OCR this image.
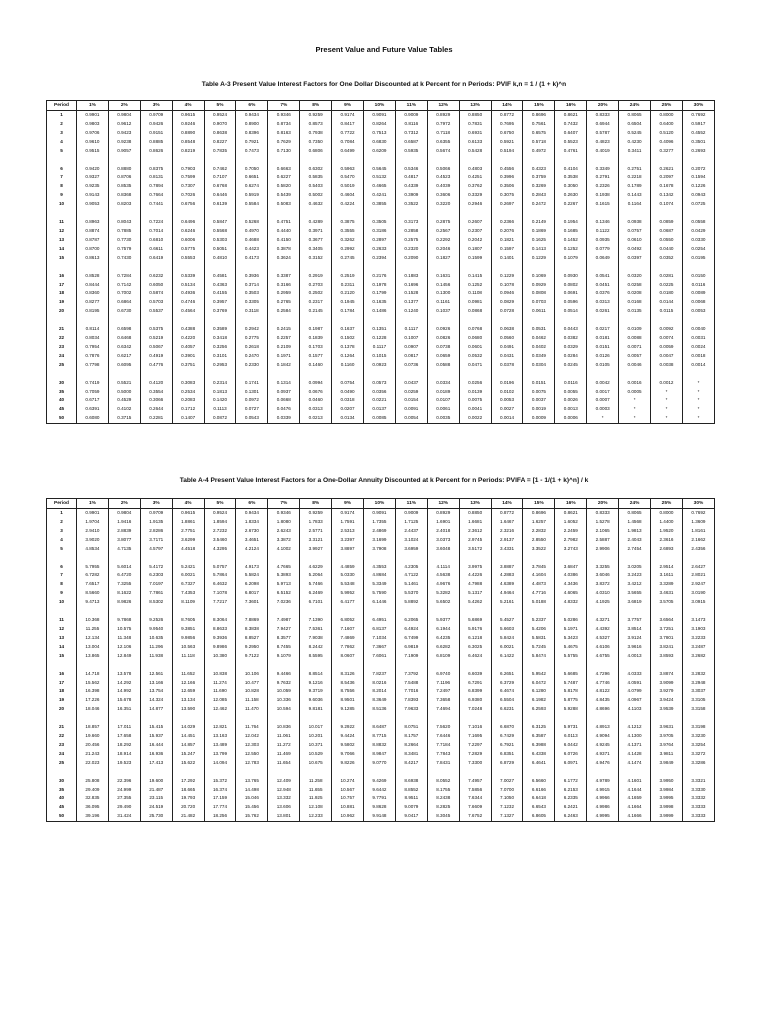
Present Value and Future Value Tables
Table A-3 Present Value Interest Factors for One Dollar Discounted at k Percent for n Periods: PVIF k,n = 1 / (1 + k)^n
Period	1%	2%	3%	4%	5%	6%	7%	8%	9%	10%	11%	12%	13%	14%	15%	16%	20%	24%	25%	30%
1	0.9901	0.9804	0.9709	0.9615	0.9524	0.9434	0.9346	0.9259	0.9174	0.9091	0.9009	0.8929	0.8850	0.8772	0.8696	0.8621	0.8333	0.8065	0.8000	0.7692
2	0.9803	0.9612	0.9426	0.9246	0.9070	0.8900	0.8734	0.8573	0.8417	0.8264	0.8116	0.7972	0.7831	0.7695	0.7561	0.7432	0.6944	0.6504	0.6400	0.5917
3	0.9706	0.9423	0.9151	0.8890	0.8638	0.8396	0.8163	0.7938	0.7722	0.7513	0.7312	0.7118	0.6931	0.6750	0.6575	0.6407	0.5787	0.5245	0.5120	0.4552
4	0.9610	0.9238	0.8885	0.8548	0.8227	0.7921	0.7629	0.7350	0.7084	0.6830	0.6587	0.6355	0.6133	0.5921	0.5718	0.5523	0.4823	0.4230	0.4096	0.3501
5	0.9515	0.9057	0.8626	0.8219	0.7835	0.7473	0.7130	0.6806	0.6499	0.6209	0.5935	0.5674	0.5428	0.5194	0.4972	0.4761	0.4019	0.3411	0.3277	0.2693

6	0.9420	0.8880	0.8375	0.7903	0.7462	0.7050	0.6663	0.6302	0.5963	0.5645	0.5346	0.5066	0.4803	0.4556	0.4323	0.4104	0.3349	0.2751	0.2621	0.2072
7	0.9327	0.8706	0.8131	0.7599	0.7107	0.6651	0.6227	0.5835	0.5470	0.5132	0.4817	0.4523	0.4251	0.3996	0.3759	0.3538	0.2791	0.2218	0.2097	0.1594
8	0.9235	0.8535	0.7894	0.7307	0.6768	0.6274	0.5820	0.5403	0.5019	0.4665	0.4339	0.4039	0.3762	0.3506	0.3269	0.3050	0.2326	0.1789	0.1678	0.1226
9	0.9143	0.8368	0.7664	0.7026	0.6446	0.5919	0.5439	0.5002	0.4604	0.4241	0.3909	0.3606	0.3329	0.3075	0.2843	0.2630	0.1938	0.1443	0.1342	0.0943
10	0.9053	0.8203	0.7441	0.6756	0.6139	0.5584	0.5083	0.4632	0.4224	0.3855	0.3522	0.3220	0.2946	0.2697	0.2472	0.2267	0.1615	0.1164	0.1074	0.0725

11	0.8963	0.8043	0.7224	0.6496	0.5847	0.5268	0.4751	0.4289	0.3875	0.3505	0.3173	0.2875	0.2607	0.2366	0.2149	0.1954	0.1346	0.0938	0.0859	0.0558
12	0.8874	0.7885	0.7014	0.6246	0.5568	0.4970	0.4440	0.3971	0.3555	0.3186	0.2858	0.2567	0.2307	0.2076	0.1869	0.1685	0.1122	0.0757	0.0687	0.0429
13	0.8787	0.7730	0.6810	0.6006	0.5303	0.4688	0.4150	0.3677	0.3262	0.2897	0.2575	0.2292	0.2042	0.1821	0.1625	0.1452	0.0935	0.0610	0.0550	0.0330
14	0.8700	0.7579	0.6611	0.5775	0.5051	0.4423	0.3878	0.3405	0.2992	0.2633	0.2320	0.2046	0.1807	0.1597	0.1413	0.1252	0.0779	0.0492	0.0440	0.0254
15	0.8613	0.7430	0.6419	0.5553	0.4810	0.4173	0.3624	0.3152	0.2745	0.2394	0.2090	0.1827	0.1599	0.1401	0.1229	0.1079	0.0649	0.0397	0.0352	0.0195

16	0.8528	0.7284	0.6232	0.5339	0.4581	0.3936	0.3387	0.2919	0.2519	0.2176	0.1883	0.1631	0.1415	0.1229	0.1069	0.0930	0.0541	0.0320	0.0281	0.0150
17	0.8444	0.7142	0.6050	0.5134	0.4363	0.3714	0.3166	0.2703	0.2311	0.1978	0.1696	0.1456	0.1252	0.1078	0.0929	0.0802	0.0451	0.0258	0.0225	0.0116
18	0.8360	0.7002	0.5874	0.4936	0.4155	0.3503	0.2959	0.2502	0.2120	0.1799	0.1528	0.1300	0.1108	0.0946	0.0808	0.0691	0.0376	0.0208	0.0180	0.0089
19	0.8277	0.6864	0.5703	0.4746	0.3957	0.3305	0.2765	0.2317	0.1945	0.1635	0.1377	0.1161	0.0981	0.0829	0.0703	0.0596	0.0313	0.0168	0.0144	0.0068
20	0.8195	0.6730	0.5537	0.4564	0.3769	0.3118	0.2584	0.2145	0.1784	0.1486	0.1240	0.1037	0.0868	0.0728	0.0611	0.0514	0.0261	0.0135	0.0115	0.0053

21	0.8114	0.6598	0.5375	0.4388	0.3589	0.2942	0.2415	0.1987	0.1637	0.1351	0.1117	0.0926	0.0768	0.0638	0.0531	0.0443	0.0217	0.0109	0.0092	0.0040
22	0.8034	0.6468	0.5219	0.4220	0.3418	0.2775	0.2257	0.1839	0.1502	0.1228	0.1007	0.0826	0.0680	0.0560	0.0462	0.0382	0.0181	0.0088	0.0074	0.0031
23	0.7954	0.6342	0.5067	0.4057	0.3256	0.2618	0.2109	0.1703	0.1378	0.1117	0.0907	0.0738	0.0601	0.0491	0.0402	0.0329	0.0151	0.0071	0.0059	0.0024
24	0.7876	0.6217	0.4919	0.3901	0.3101	0.2470	0.1971	0.1577	0.1264	0.1015	0.0817	0.0659	0.0532	0.0431	0.0349	0.0284	0.0126	0.0057	0.0047	0.0018
25	0.7798	0.6095	0.4776	0.3751	0.2953	0.2330	0.1842	0.1460	0.1160	0.0923	0.0736	0.0588	0.0471	0.0378	0.0304	0.0245	0.0105	0.0046	0.0038	0.0014

30	0.7419	0.5521	0.4120	0.3083	0.2314	0.1741	0.1314	0.0994	0.0754	0.0573	0.0437	0.0334	0.0256	0.0196	0.0151	0.0116	0.0042	0.0016	0.0012	*
35	0.7059	0.5000	0.3554	0.2534	0.1813	0.1301	0.0937	0.0676	0.0490	0.0356	0.0259	0.0189	0.0139	0.0102	0.0075	0.0055	0.0017	0.0005	*	*
40	0.6717	0.4529	0.3066	0.2083	0.1420	0.0972	0.0668	0.0460	0.0318	0.0221	0.0154	0.0107	0.0075	0.0053	0.0037	0.0026	0.0007	*	*	*
45	0.6391	0.4102	0.2644	0.1712	0.1113	0.0727	0.0476	0.0313	0.0207	0.0137	0.0091	0.0061	0.0041	0.0027	0.0019	0.0013	0.0003	*	*	*
50	0.6080	0.3715	0.2281	0.1407	0.0872	0.0543	0.0339	0.0213	0.0134	0.0085	0.0054	0.0035	0.0022	0.0014	0.0009	0.0006	*	*	*	*
Table A-4 Present Value Interest Factors for a One-Dollar Annuity Discounted at k Percent for n Periods: PVIFA = [1 - 1/(1 + k)^n] / k
Period	1%	2%	3%	4%	5%	6%	7%	8%	9%	10%	11%	12%	13%	14%	15%	16%	20%	24%	25%	30%
1	0.9901	0.9804	0.9709	0.9615	0.9524	0.9434	0.9346	0.9259	0.9174	0.9091	0.9009	0.8929	0.8850	0.8772	0.8696	0.8621	0.8333	0.8065	0.8000	0.7692
2	1.9704	1.9416	1.9135	1.8861	1.8594	1.8334	1.8080	1.7833	1.7591	1.7355	1.7125	1.6901	1.6681	1.6467	1.6257	1.6052	1.5278	1.4568	1.4400	1.3609
3	2.9410	2.8839	2.8286	2.7751	2.7232	2.6730	2.6243	2.5771	2.5313	2.4869	2.4437	2.4018	2.3612	2.3216	2.2832	2.2459	2.1065	1.9813	1.9520	1.8161
4	3.9020	3.8077	3.7171	3.6299	3.5460	3.4651	3.3872	3.3121	3.2397	3.1699	3.1024	3.0373	2.9745	2.9137	2.8550	2.7982	2.5887	2.4043	2.3616	2.1662
5	4.8534	4.7135	4.5797	4.4518	4.3295	4.2124	4.1002	3.9927	3.8897	3.7908	3.6959	3.6048	3.5172	3.4331	3.3522	3.2743	2.9906	2.7454	2.6893	2.4356

6	5.7955	5.6014	5.4172	5.2421	5.0757	4.9173	4.7665	4.6229	4.4859	4.3553	4.2305	4.1114	3.9975	3.8887	3.7845	3.6847	3.3255	3.0205	2.9514	2.6427
7	6.7282	6.4720	6.2303	6.0021	5.7864	5.5824	5.3893	5.2064	5.0330	4.8684	4.7122	4.5638	4.4226	4.2883	4.1604	4.0386	3.6046	3.2423	3.1611	2.8021
8	7.6517	7.3255	7.0197	6.7327	6.4632	6.2098	5.9713	5.7466	5.5348	5.3349	5.1461	4.9676	4.7988	4.6389	4.4873	4.3436	3.8372	3.4212	3.3289	2.9247
9	8.5660	8.1622	7.7861	7.4353	7.1078	6.8017	6.5152	6.2469	5.9952	5.7590	5.5370	5.3282	5.1317	4.9464	4.7716	4.6065	4.0310	3.5655	3.4631	3.0190
10	9.4713	8.9826	8.5302	8.1109	7.7217	7.3601	7.0236	6.7101	6.4177	6.1446	5.8892	5.6502	5.4262	5.2161	5.0188	4.8332	4.1925	3.6819	3.5705	3.0915

11	10.368	9.7868	9.2526	8.7605	8.3064	7.8869	7.4987	7.1390	6.8052	6.4951	6.2065	5.9377	5.6869	5.4527	5.2337	5.0286	4.3271	3.7757	3.6564	3.1473
12	11.255	10.575	9.9540	9.3851	8.8633	8.3838	7.9427	7.5361	7.1607	6.8137	6.4924	6.1944	5.9176	5.6603	5.4206	5.1971	4.4392	3.8514	3.7251	3.1903
13	12.134	11.348	10.635	9.9856	9.3936	8.8527	8.3577	7.9038	7.4869	7.1034	6.7499	6.4235	6.1218	5.8424	5.5831	5.3423	4.5327	3.9124	3.7801	3.2233
14	13.004	12.106	11.296	10.563	9.8986	9.2950	8.7455	8.2442	7.7862	7.3667	6.9819	6.6282	6.3025	6.0021	5.7245	5.4675	4.6106	3.9616	3.8241	3.2487
15	13.865	12.849	11.938	11.118	10.380	9.7122	9.1079	8.5595	8.0607	7.6061	7.1909	6.8109	6.4624	6.1422	5.8474	5.5755	4.6755	4.0013	3.8593	3.2682

16	14.718	13.578	12.561	11.652	10.838	10.106	9.4466	8.8514	8.3126	7.8237	7.3792	6.9740	6.6039	6.2651	5.9542	5.6685	4.7296	4.0333	3.8874	3.2832
17	15.562	14.292	13.166	12.166	11.274	10.477	9.7632	9.1216	8.5436	8.0216	7.5488	7.1196	6.7291	6.3729	6.0472	5.7487	4.7746	4.0591	3.9099	3.2948
18	16.398	14.992	13.754	12.659	11.690	10.828	10.059	9.3719	8.7556	8.2014	7.7016	7.2497	6.8399	6.4674	6.1280	5.8178	4.8122	4.0799	3.9279	3.3037
19	17.226	15.678	14.324	13.134	12.085	11.158	10.336	9.6036	8.9501	8.3649	7.8393	7.3658	6.9380	6.5504	6.1982	5.8775	4.8435	4.0967	3.9424	3.3105
20	18.046	16.351	14.877	13.590	12.462	11.470	10.594	9.8181	9.1285	8.5136	7.9633	7.4694	7.0248	6.6231	6.2593	5.9288	4.8696	4.1103	3.9539	3.3158

21	18.857	17.011	15.415	14.029	12.821	11.764	10.836	10.017	9.2922	8.6487	8.0751	7.5620	7.1016	6.6870	6.3125	5.9731	4.8913	4.1212	3.9631	3.3198
22	19.660	17.658	15.937	14.451	13.163	12.042	11.061	10.201	9.4424	8.7715	8.1757	7.6446	7.1695	6.7429	6.3587	6.0113	4.9094	4.1300	3.9705	3.3230
23	20.456	18.292	16.444	14.857	13.489	12.303	11.272	10.371	9.5802	8.8832	8.2664	7.7184	7.2297	6.7921	6.3988	6.0442	4.9245	4.1371	3.9764	3.3254
24	21.243	18.914	16.936	15.247	13.799	12.550	11.469	10.529	9.7066	8.9847	8.3481	7.7843	7.2829	6.8351	6.4338	6.0726	4.9371	4.1428	3.9811	3.3272
25	22.023	19.523	17.413	15.622	14.094	12.783	11.654	10.675	9.8226	9.0770	8.4217	7.8431	7.3300	6.8729	6.4641	6.0971	4.9476	4.1474	3.9849	3.3286

30	25.808	22.396	19.600	17.292	15.372	13.765	12.409	11.258	10.274	9.4269	8.6938	8.0552	7.4957	7.0027	6.5660	6.1772	4.9789	4.1601	3.9950	3.3321
35	29.409	24.999	21.487	18.665	16.374	14.498	12.948	11.655	10.567	9.6442	8.8552	8.1755	7.5856	7.0700	6.6166	6.2153	4.9915	4.1644	3.9984	3.3330
40	32.835	27.355	23.115	19.793	17.159	15.046	13.332	11.925	10.757	9.7791	8.9511	8.2438	7.6344	7.1050	6.6418	6.2335	4.9966	4.1659	3.9995	3.3332
45	36.095	29.490	24.519	20.720	17.774	15.456	13.606	12.108	10.881	9.8628	9.0079	8.2825	7.6609	7.1232	6.6543	6.2421	4.9986	4.1664	3.9998	3.3333
50	39.196	31.424	25.730	21.482	18.256	15.762	13.801	12.233	10.962	9.9148	9.0417	8.3045	7.6752	7.1327	6.8605	6.2463	4.9995	4.1666	3.9999	3.3333
